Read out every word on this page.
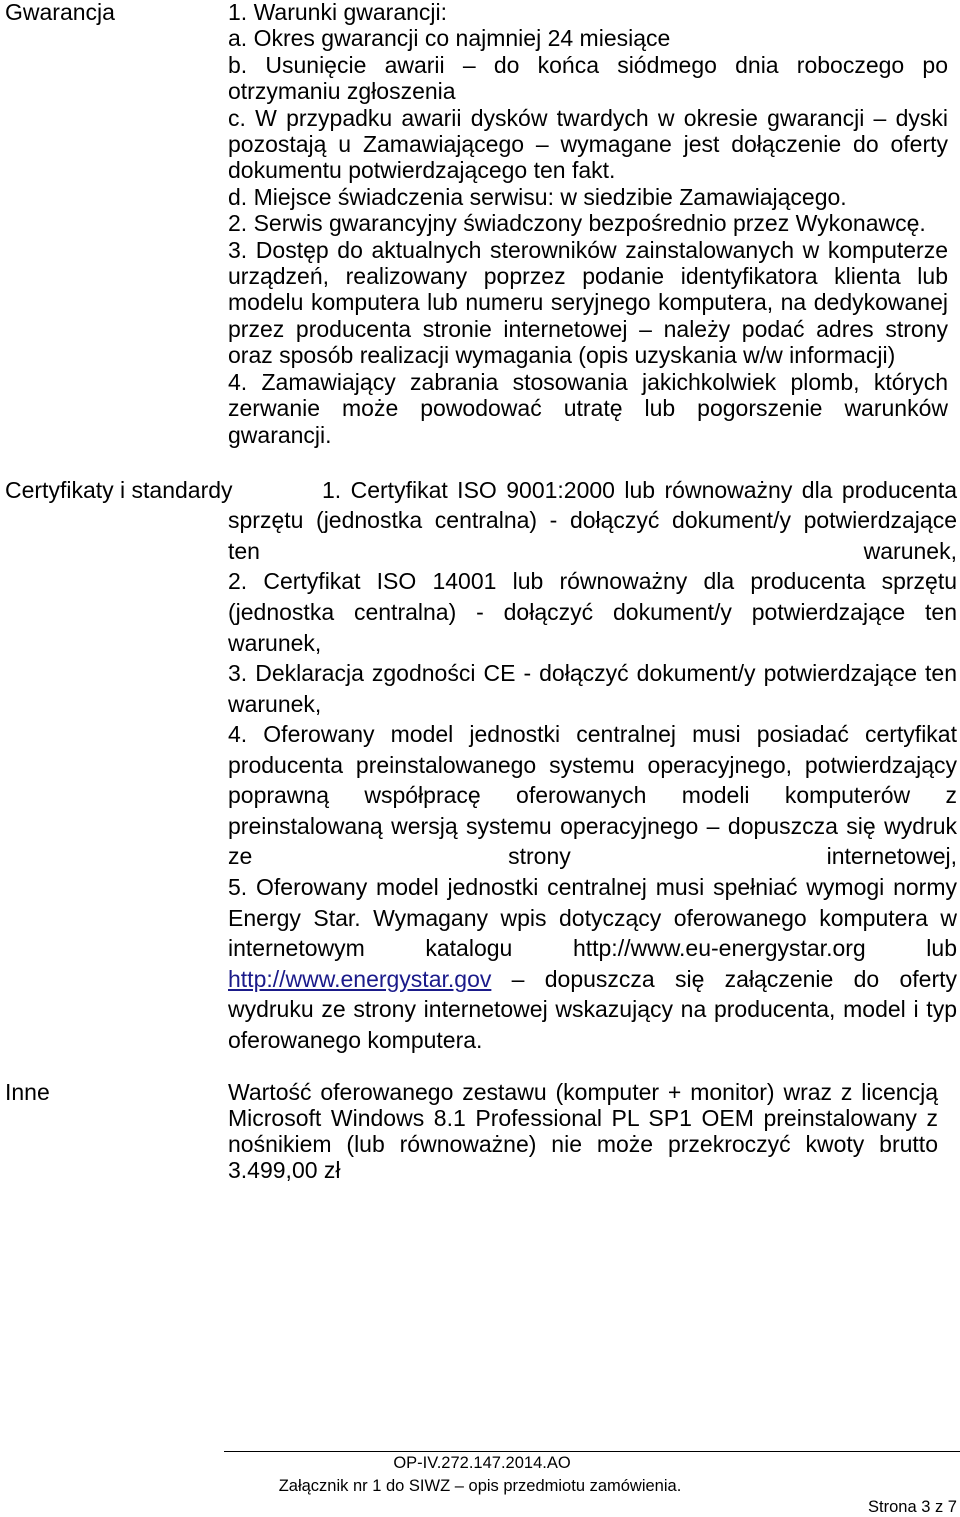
Gwarancja	1. Warunki gwarancji:
a. Okres gwarancji co najmniej 24 miesiące
b. Usunięcie awarii – do końca siódmego dnia roboczego po
otrzymaniu zgłoszenia
c. W przypadku awarii dysków twardych w okresie gwarancji – dyski
pozostają u Zamawiającego – wymagane jest dołączenie do oferty
dokumentu potwierdzającego ten fakt.
d. Miejsce świadczenia serwisu: w siedzibie Zamawiającego.
2. Serwis gwarancyjny świadczony bezpośrednio przez Wykonawcę.
3. Dostęp do aktualnych sterowników zainstalowanych w komputerze
urządzeń, realizowany poprzez podanie identyfikatora klienta lub
modelu komputera lub numeru seryjnego komputera, na dedykowanej
przez producenta stronie internetowej – należy podać adres strony
oraz sposób realizacji wymagania (opis uzyskania w/w informacji)
4. Zamawiający zabrania stosowania jakichkolwiek plomb, których
zerwanie może powodować utratę lub pogorszenie warunków
gwarancji.
Certyfikaty i standardy	1. Certyfikat ISO 9001:2000 lub równoważny dla producenta
sprzętu (jednostka centralna) - dołączyć dokument/y potwierdzające
ten warunek,
2. Certyfikat ISO 14001 lub równoważny dla producenta sprzętu
(jednostka centralna) - dołączyć dokument/y potwierdzające ten
warunek,
3. Deklaracja zgodności CE - dołączyć dokument/y potwierdzające ten
warunek,
4. Oferowany model jednostki centralnej musi posiadać certyfikat
producenta preinstalowanego systemu operacyjnego, potwierdzający
poprawną współpracę oferowanych modeli komputerów z
preinstalowaną wersją systemu operacyjnego – dopuszcza się wydruk
ze strony internetowej,
5. Oferowany model jednostki centralnej musi spełniać wymogi normy
Energy Star. Wymagany wpis dotyczący oferowanego komputera w
internetowym katalogu http://www.eu-energystar.org lub
http://www.energystar.gov – dopuszcza się załączenie do oferty
wydruku ze strony internetowej wskazujący na producenta, model i typ
oferowanego komputera.
Inne	Wartość oferowanego zestawu (komputer + monitor) wraz z licencją
Microsoft Windows 8.1 Professional PL SP1 OEM preinstalowany z
nośnikiem (lub równoważne) nie może przekroczyć kwoty brutto
3.499,00 zł
OP-IV.272.147.2014.AO
Załącznik nr 1 do SIWZ – opis przedmiotu zamówienia.
Strona 3 z 7
